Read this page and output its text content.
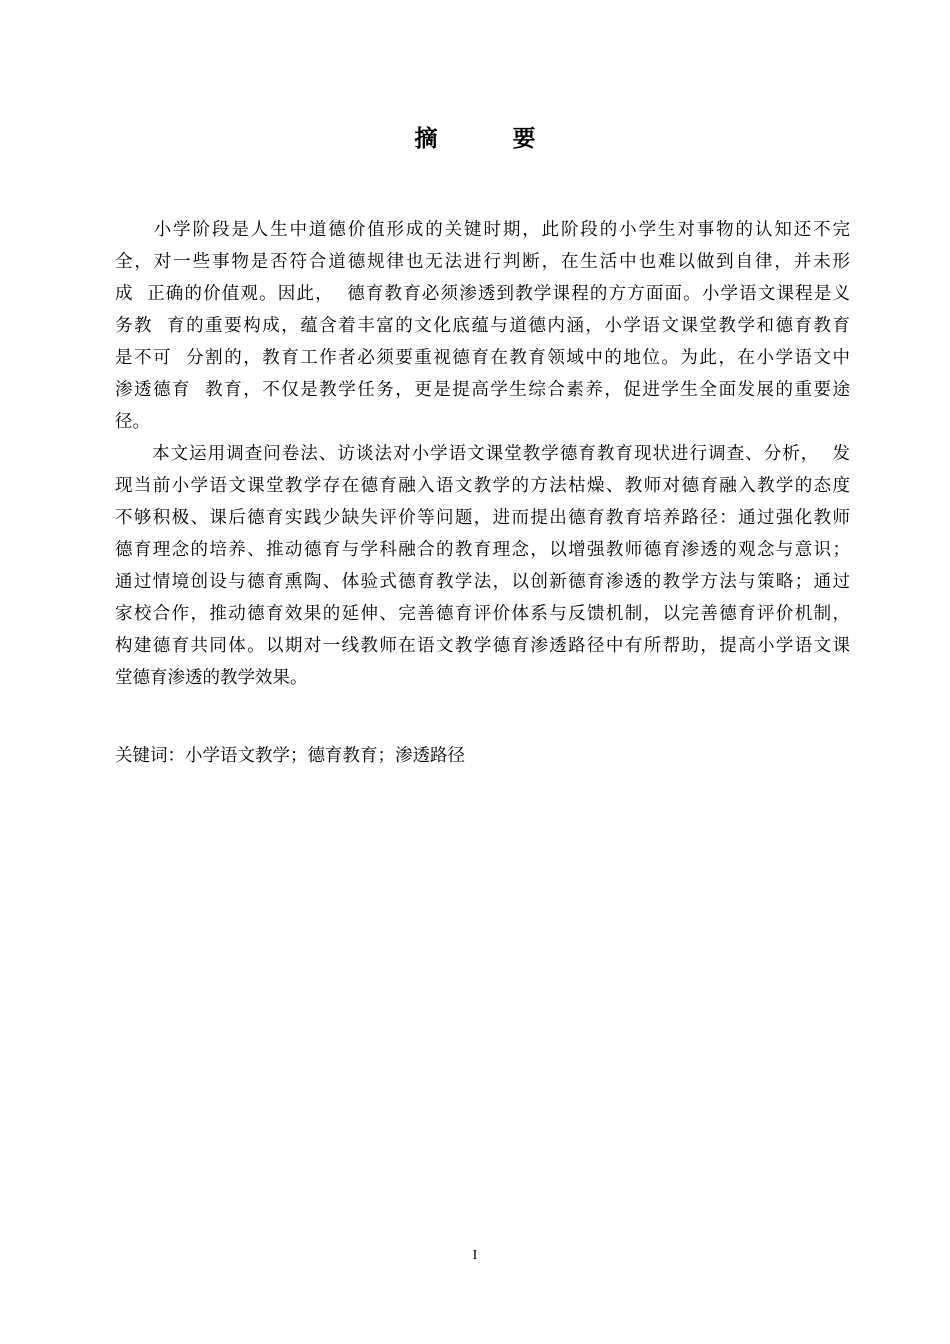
摘　要
　　小学阶段是人生中道德价值形成的关键时期，此阶段的小学生对事物的认知还不完
全，对一些事物是否符合道德规律也无法进行判断，在生活中也难以做到自律，并未形
成  正确的价值观。因此，  德育教育必须渗透到教学课程的方方面面。小学语文课程是义
务教  育的重要构成，蕴含着丰富的文化底蕴与道德内涵，小学语文课堂教学和德育教育
是不可  分割的，教育工作者必须要重视德育在教育领域中的地位。为此，在小学语文中
渗透德育  教育，不仅是教学任务，更是提高学生综合素养，促进学生全面发展的重要途
径。
　　本文运用调查问卷法、访谈法对小学语文课堂教学德育教育现状进行调查、分析，  发
现当前小学语文课堂教学存在德育融入语文教学的方法枯燥、教师对德育融入教学的态度
不够积极、课后德育实践少缺失评价等问题，进而提出德育教育培养路径：通过强化教师
德育理念的培养、推动德育与学科融合的教育理念，以增强教师德育渗透的观念与意识；
通过情境创设与德育熏陶、体验式德育教学法，以创新德育渗透的教学方法与策略；通过
家校合作，推动德育效果的延伸、完善德育评价体系与反馈机制，以完善德育评价机制，
构建德育共同体。以期对一线教师在语文教学德育渗透路径中有所帮助，提高小学语文课
堂德育渗透的教学效果。
关键词：小学语文教学；德育教育；渗透路径
I
